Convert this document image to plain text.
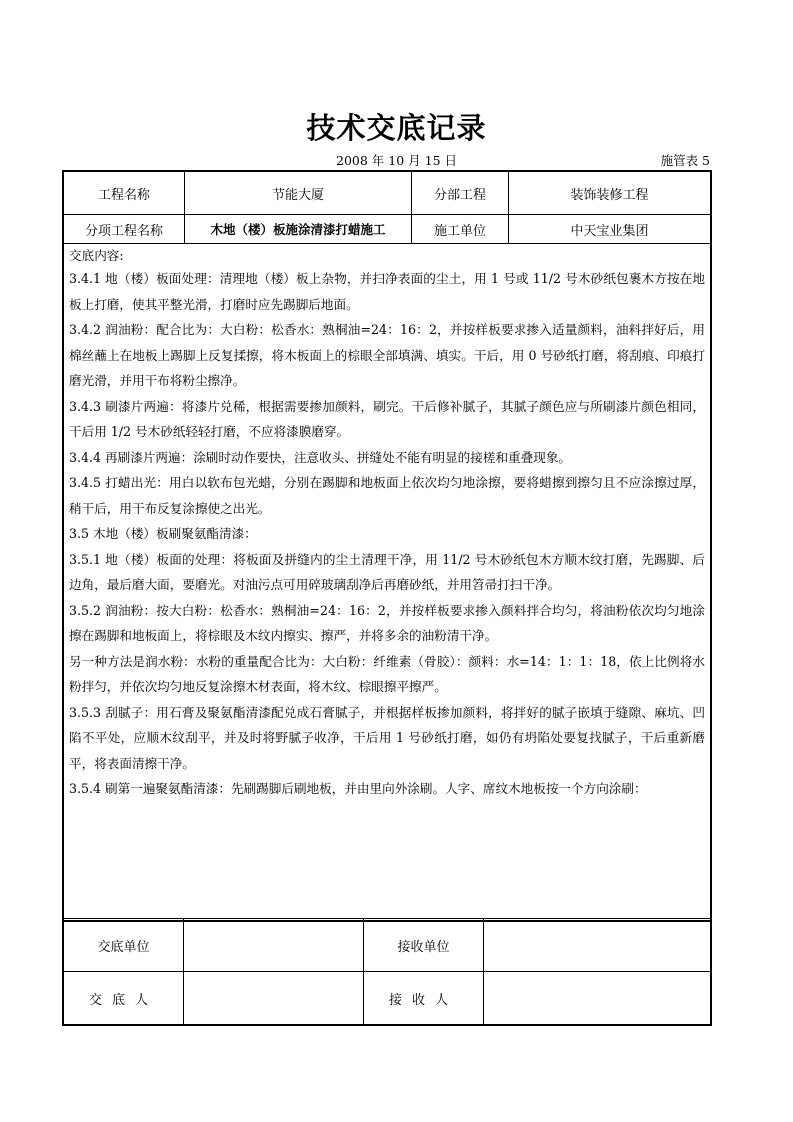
技术交底记录
2008 年 10 月 15 日	施管表 5
工程名称	节能大厦	分部工程	装饰装修工程
分项工程名称	木地（楼）板施涂清漆打蜡施工	施工单位	中天宝业集团

交底内容:

3.4.1 地（楼）板面处理：清理地（楼）板上杂物，并扫净表面的尘土，用 1 号或 11/2 号木砂纸包裹木方按在地板上打磨，使其平整光滑，打磨时应先踢脚后地面。

3.4.2 润油粉：配合比为：大白粉：松香水：熟桐油=24：16：2，并按样板要求掺入适量颜料，油料拌好后，用棉丝蘸上在地板上踢脚上反复揉擦，将木板面上的棕眼全部填满、填实。干后，用 0 号砂纸打磨，将刮痕、印痕打磨光滑，并用干布将粉尘擦净。

3.4.3 刷漆片两遍：将漆片兑稀，根据需要掺加颜料，刷完。干后修补腻子，其腻子颜色应与所刷漆片颜色相同，干后用 1/2 号木砂纸轻轻打磨，不应将漆膜磨穿。

3.4.4 再刷漆片两遍：涂刷时动作要快，注意收头、拼缝处不能有明显的接槎和重叠现象。

3.4.5 打蜡出光：用白以软布包光蜡，分别在踢脚和地板面上依次均匀地涂擦，要将蜡擦到擦匀且不应涂擦过厚，稍干后，用干布反复涂擦使之出光。

3.5 木地（楼）板刷聚氨酯清漆：

3.5.1 地（楼）板面的处理：将板面及拼缝内的尘土清理干净，用 11/2 号木砂纸包木方顺木纹打磨，先踢脚、后边角，最后磨大面，要磨光。对油污点可用碎玻璃刮净后再磨砂纸，并用笤帚打扫干净。

3.5.2 润油粉：按大白粉：松香水：熟桐油=24：16：2，并按样板要求掺入颜料拌合均匀，将油粉依次均匀地涂擦在踢脚和地板面上，将棕眼及木纹内擦实、擦严，并将多余的油粉清干净。

另一种方法是润水粉：水粉的重量配合比为：大白粉：纤维素（骨胶）：颜料：水=14：1：1：18，依上比例将水粉拌匀，并依次均匀地反复涂擦木材表面，将木纹、棕眼擦平擦严。

3.5.3 刮腻子：用石膏及聚氨酯清漆配兑成石膏腻子，并根据样板掺加颜料，将拌好的腻子嵌填于缝隙、麻坑、凹陷不平处，应顺木纹刮平，并及时将野腻子收净，干后用 1 号砂纸打磨，如仍有坍陷处要复找腻子，干后重新磨平，将表面清擦干净。

3.5.4 刷第一遍聚氨酯清漆：先刷踢脚后刷地板，并由里向外涂刷。人字、席纹木地板按一个方向涂刷：

交底单位	接收单位
交底人	接收人
